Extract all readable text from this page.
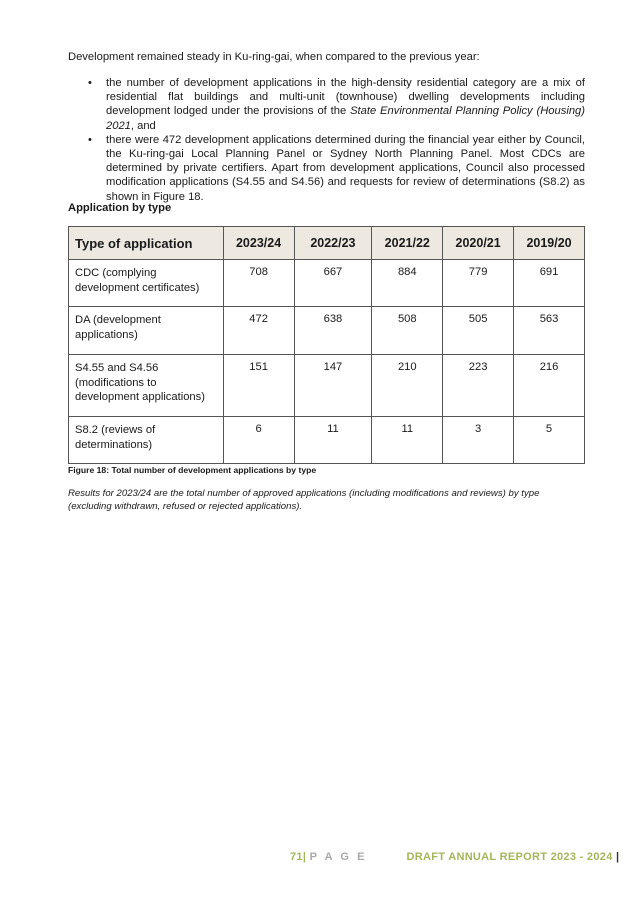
Development remained steady in Ku-ring-gai, when compared to the previous year:

• the number of development applications in the high-density residential category are a mix of residential flat buildings and multi-unit (townhouse) dwelling developments including development lodged under the provisions of the State Environmental Planning Policy (Housing) 2021, and
• there were 472 development applications determined during the financial year either by Council, the Ku-ring-gai Local Planning Panel or Sydney North Planning Panel. Most CDCs are determined by private certifiers. Apart from development applications, Council also processed modification applications (S4.55 and S4.56) and requests for review of determinations (S8.2) as shown in Figure 18.

Application by type

Type of application	2023/24	2022/23	2021/22	2020/21	2019/20
CDC (complying development certificates)	708	667	884	779	691
DA (development applications)	472	638	508	505	563
S4.55 and S4.56 (modifications to development applications)	151	147	210	223	216
S8.2 (reviews of determinations)	6	11	11	3	5

Figure 18: Total number of development applications by type

Results for 2023/24 are the total number of approved applications (including modifications and reviews) by type (excluding withdrawn, refused or rejected applications).

71| P A G E	DRAFT ANNUAL REPORT 2023 - 2024 |
